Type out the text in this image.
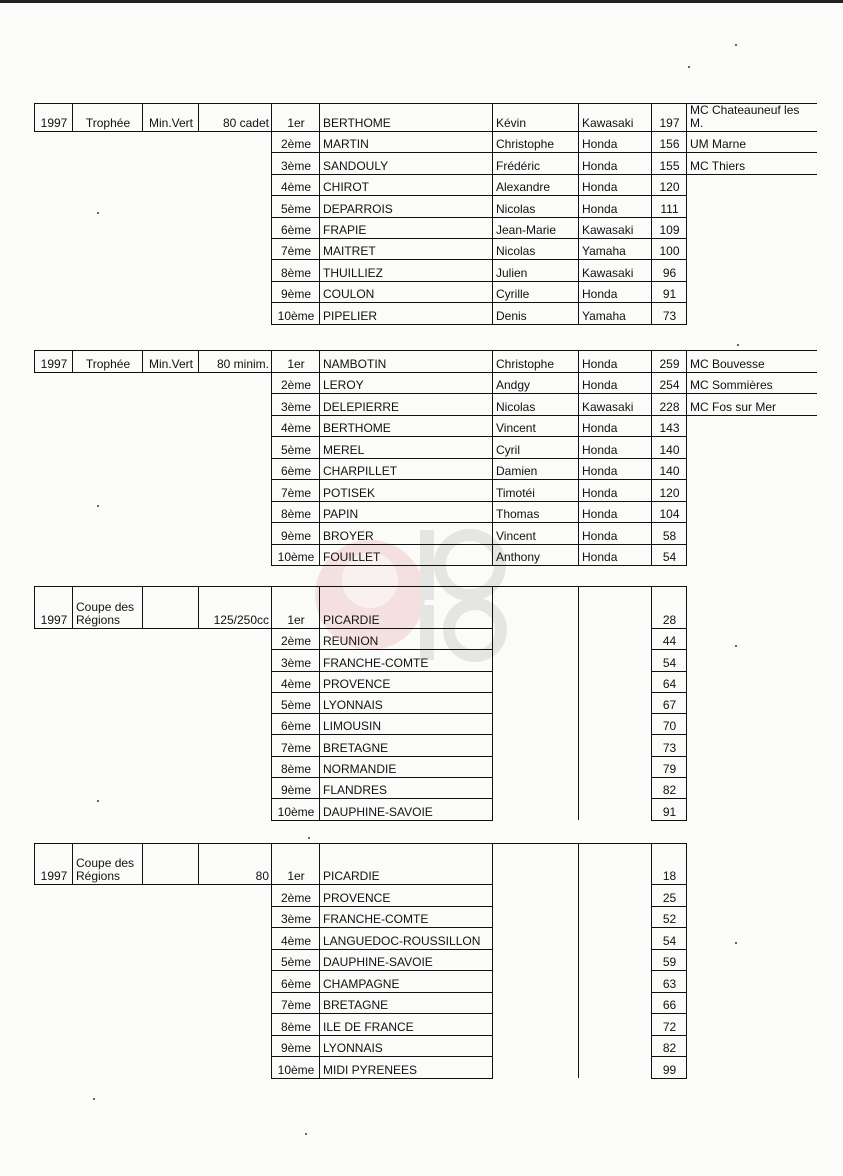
1997	Trophée	Min.Vert	80 cadet	1er	BERTHOME	Kévin	Kawasaki	197	MC Chateauneuf les M.
				2ème	MARTIN	Christophe	Honda	156	UM Marne
				3ème	SANDOULY	Frédéric	Honda	155	MC Thiers
				4ème	CHIROT	Alexandre	Honda	120	
				5ème	DEPARROIS	Nicolas	Honda	111	
				6ème	FRAPIE	Jean-Marie	Kawasaki	109	
				7ème	MAITRET	Nicolas	Yamaha	100	
				8ème	THUILLIEZ	Julien	Kawasaki	96	
				9ème	COULON	Cyrille	Honda	91	
				10ème	PIPELIER	Denis	Yamaha	73	
1997	Trophée	Min.Vert	80 minim.	1er	NAMBOTIN	Christophe	Honda	259	MC Bouvesse
				2ème	LEROY	Andgy	Honda	254	MC Sommières
				3ème	DELEPIERRE	Nicolas	Kawasaki	228	MC Fos sur Mer
				4ème	BERTHOME	Vincent	Honda	143	
				5ème	MEREL	Cyril	Honda	140	
				6ème	CHARPILLET	Damien	Honda	140	
				7ème	POTISEK	Timotéi	Honda	120	
				8ème	PAPIN	Thomas	Honda	104	
				9ème	BROYER	Vincent	Honda	58	
				10ème	FOUILLET	Anthony	Honda	54	
1997	Coupe des Régions		125/250cc	1er	PICARDIE			28	
				2ème	REUNION			44	
				3ème	FRANCHE-COMTE			54	
				4ème	PROVENCE			64	
				5ème	LYONNAIS			67	
				6ème	LIMOUSIN			70	
				7ème	BRETAGNE			73	
				8ème	NORMANDIE			79	
				9ème	FLANDRES			82	
				10ème	DAUPHINE-SAVOIE			91	
1997	Coupe des Régions		80	1er	PICARDIE			18	
				2ème	PROVENCE			25	
				3ème	FRANCHE-COMTE			52	
				4ème	LANGUEDOC-ROUSSILLON			54	
				5ème	DAUPHINE-SAVOIE			59	
				6ème	CHAMPAGNE			63	
				7ème	BRETAGNE			66	
				8ème	ILE DE FRANCE			72	
				9ème	LYONNAIS			82	
				10ème	MIDI PYRENEES			99	
